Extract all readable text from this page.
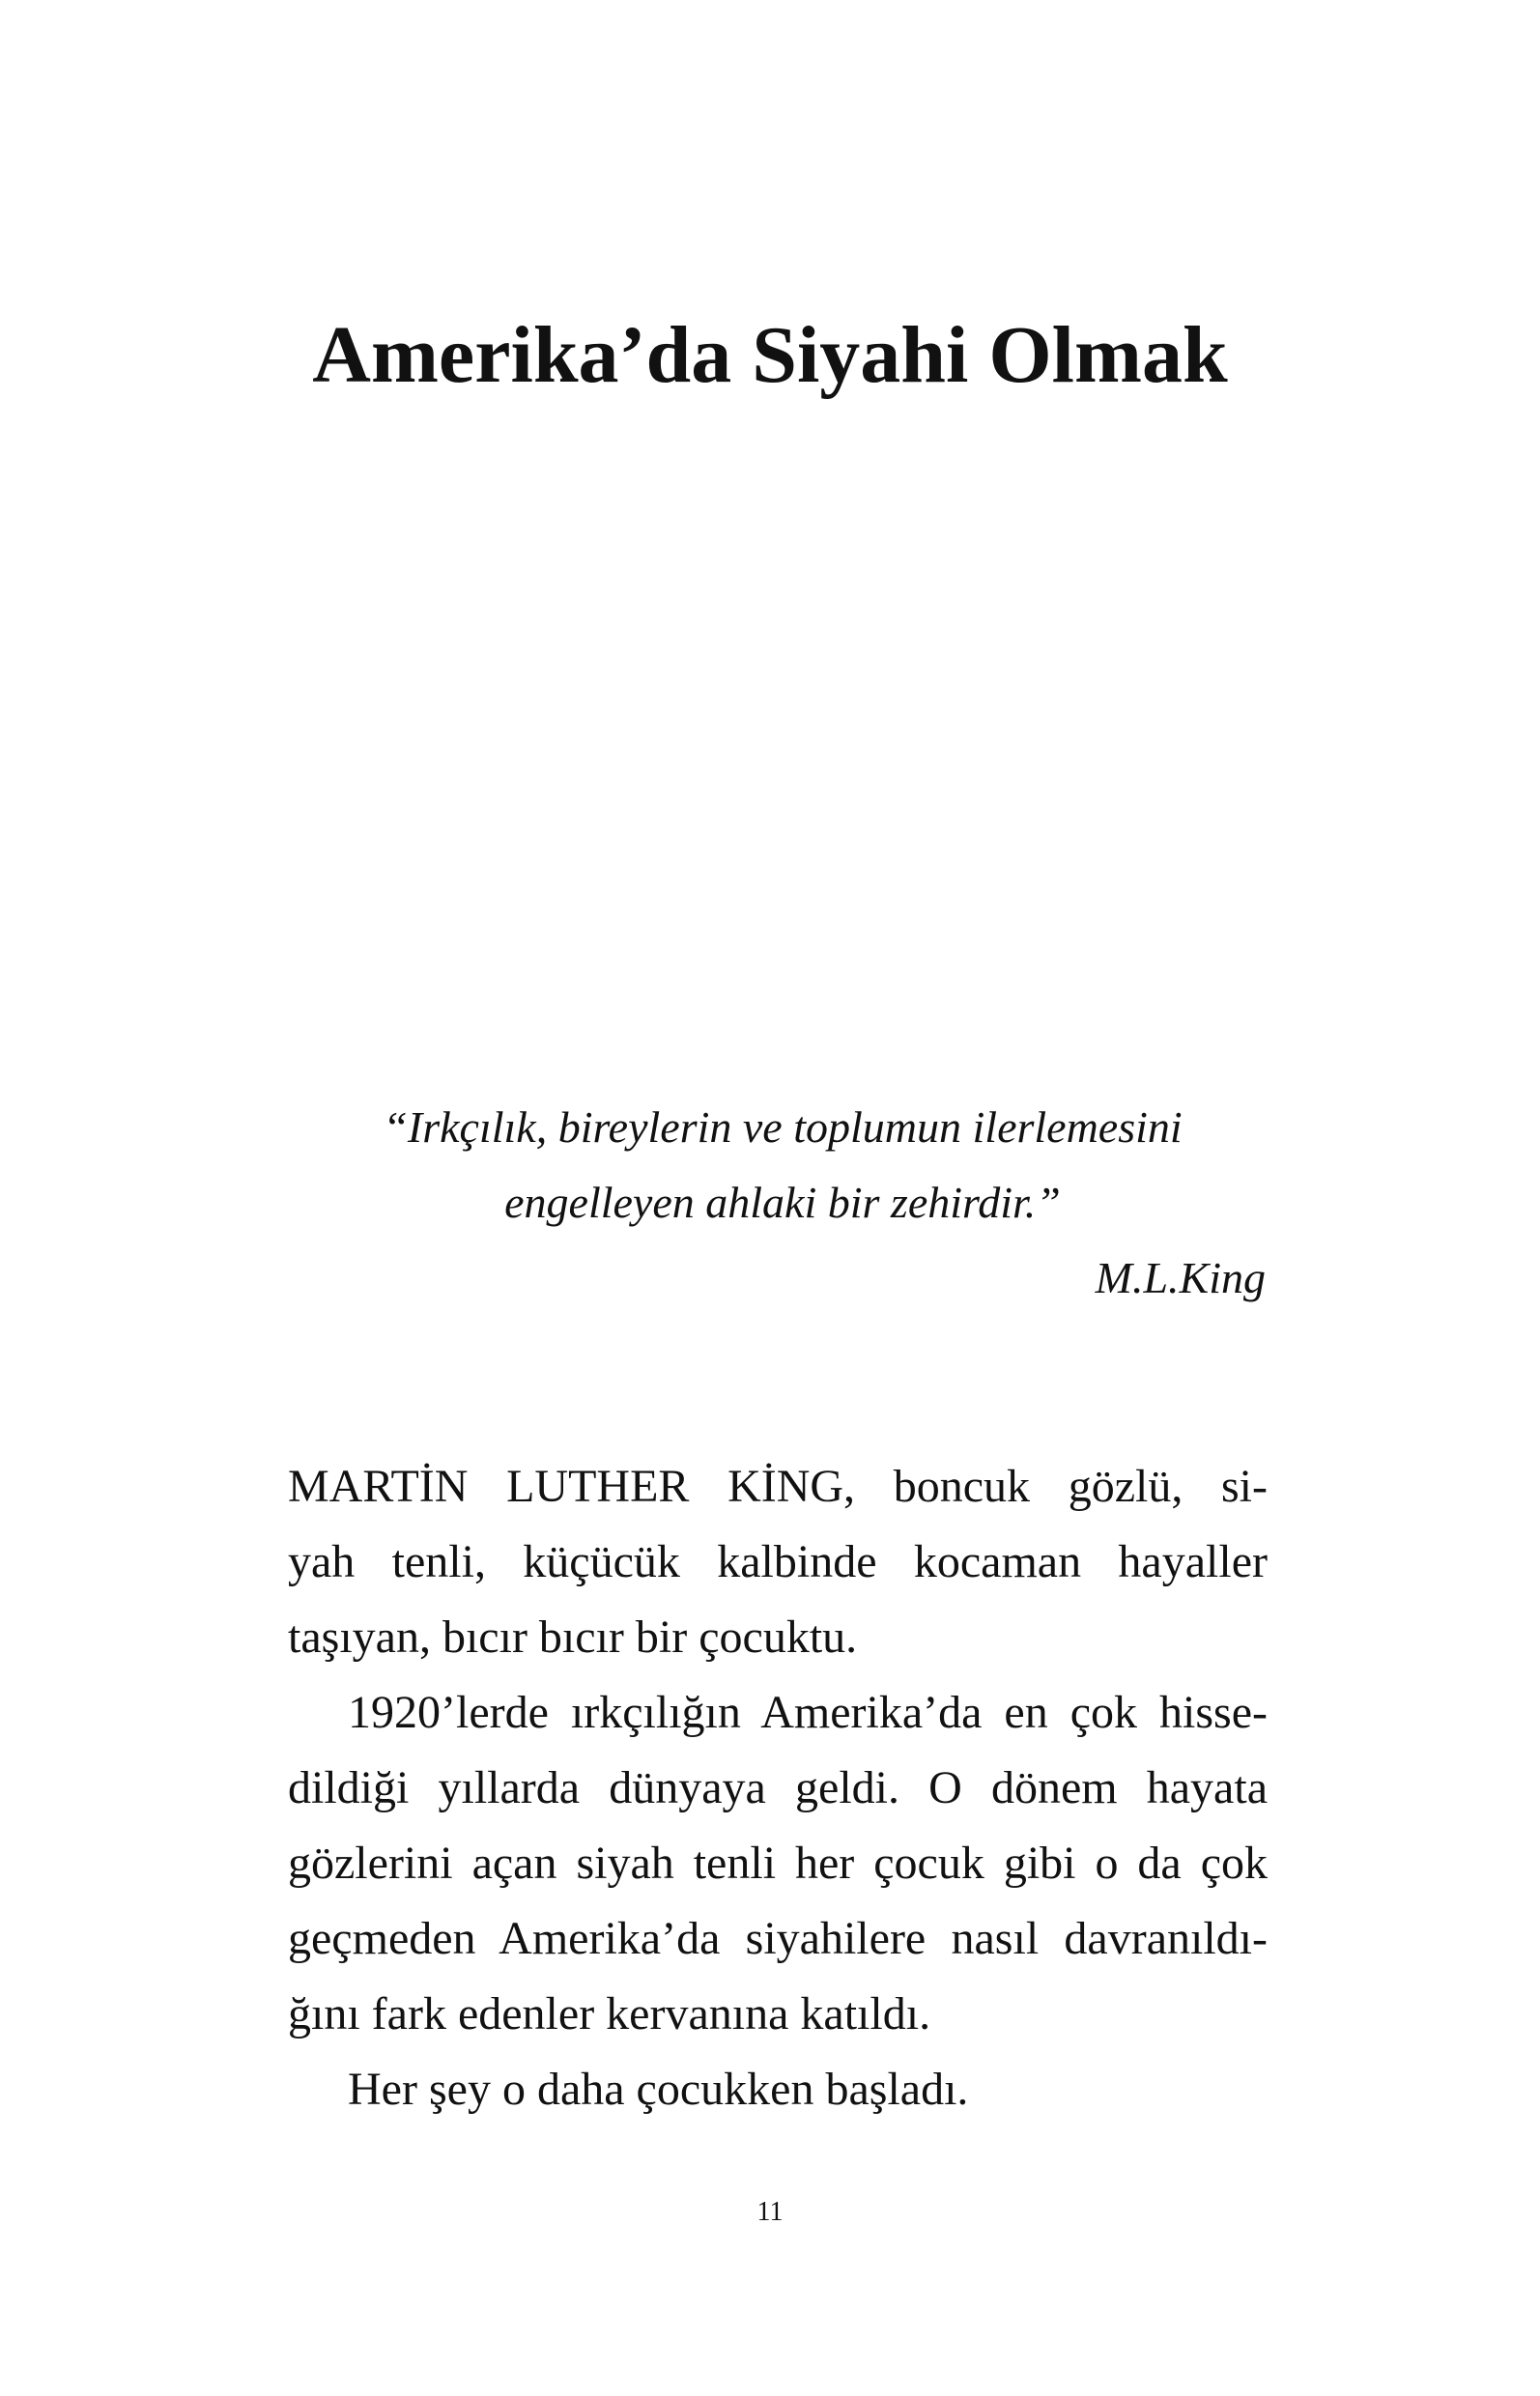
Amerika’da Siyahi Olmak
“Irkçılık, bireylerin ve toplumun ilerlemesini
engelleyen ahlaki bir zehirdir.”
M.L.King
MARTİN LUTHER KİNG, boncuk gözlü, si-
yah tenli, küçücük kalbinde kocaman hayaller
taşıyan, bıcır bıcır bir çocuktu.
1920’lerde ırkçılığın Amerika’da en çok hisse-
dildiği yıllarda dünyaya geldi. O dönem hayata
gözlerini açan siyah tenli her çocuk gibi o da çok
geçmeden Amerika’da siyahilere nasıl davranıldı-
ğını fark edenler kervanına katıldı.
Her şey o daha çocukken başladı.
11
